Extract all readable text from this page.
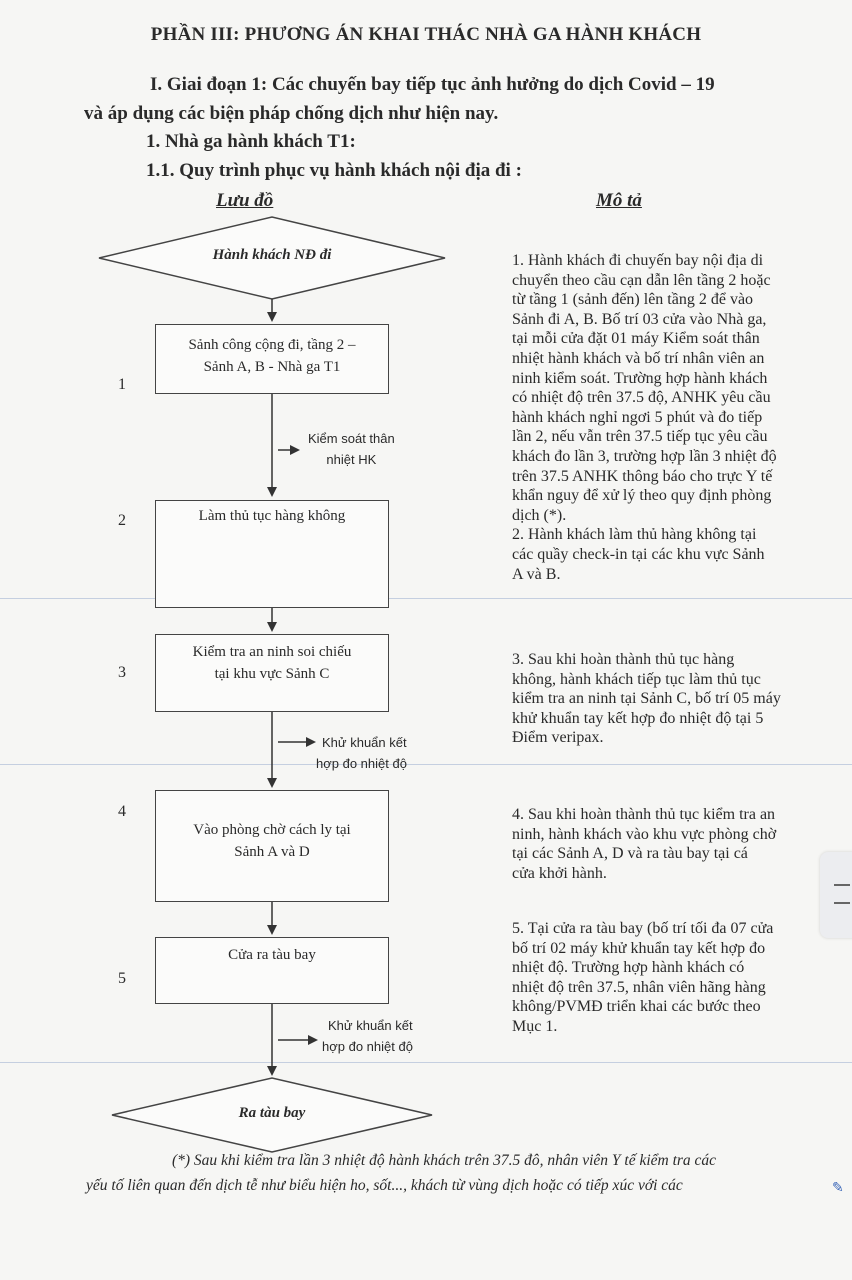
PHẦN III: PHƯƠNG ÁN KHAI THÁC NHÀ GA HÀNH KHÁCH
I. Giai đoạn 1: Các chuyến bay tiếp tục ảnh hưởng do dịch Covid – 19
và áp dụng các biện pháp chống dịch như hiện nay.
1. Nhà ga hành khách T1:
1.1. Quy trình phục vụ hành khách nội địa đi :
Lưu đồ	Mô tả
Hành khách NĐ đi
Ra tàu bay
Sảnh công cộng đi, tầng 2 –
Sảnh A, B - Nhà ga T1
1
Kiểm soát thân
nhiệt HK
Làm thủ tục hàng không
2
Kiểm tra an ninh soi chiếu
tại khu vực Sảnh C
3
Khử khuẩn kết
hợp đo nhiệt độ
Vào phòng chờ cách ly tại
Sảnh A và D
4
Cửa ra tàu bay
5
Khử khuẩn kết
hợp đo nhiệt độ
1. Hành khách đi chuyến bay nội địa di
chuyển theo cầu cạn dẫn lên tầng 2 hoặc
từ tầng 1 (sảnh đến) lên tầng 2 để vào
Sảnh đi A, B. Bố trí 03 cửa vào Nhà ga,
tại mỗi cửa đặt 01 máy Kiểm soát thân
nhiệt hành khách và bố trí nhân viên an
ninh kiểm soát. Trường hợp hành khách
có nhiệt độ trên 37.5 độ, ANHK yêu cầu
hành khách nghỉ ngơi 5 phút và đo tiếp
lần 2, nếu vẫn trên 37.5 tiếp tục yêu cầu
khách đo lần 3, trường hợp lần 3 nhiệt độ
trên 37.5 ANHK thông báo cho trực Y tế
khẩn nguy để xử lý theo quy định phòng
dịch (*).
2. Hành khách làm thủ hàng không tại
các quầy check-in tại các khu vực Sảnh
A và B.
3. Sau khi hoàn thành thủ tục hàng
không, hành khách tiếp tục làm thủ tục
kiểm tra an ninh tại Sảnh C, bố trí 05 máy
khử khuẩn tay kết hợp đo nhiệt độ tại 5
Điểm veripax.
4. Sau khi hoàn thành thủ tục kiểm tra an
ninh, hành khách vào khu vực phòng chờ
tại các Sảnh A, D và ra tàu bay tại cá
cửa khởi hành.
5. Tại cửa ra tàu bay (bố trí tối đa 07 cửa
bố trí 02 máy khử khuẩn tay kết hợp đo
nhiệt độ. Trường hợp hành khách có
nhiệt độ trên 37.5, nhân viên hãng hàng
không/PVMĐ triển khai các bước theo
Mục 1.
(*) Sau khi kiểm tra lần 3 nhiệt độ hành khách trên 37.5 đô, nhân viên Y tế kiểm tra các
yếu tố liên quan đến dịch tễ như biểu hiện ho, sốt..., khách từ vùng dịch hoặc có tiếp xúc với các	✎
